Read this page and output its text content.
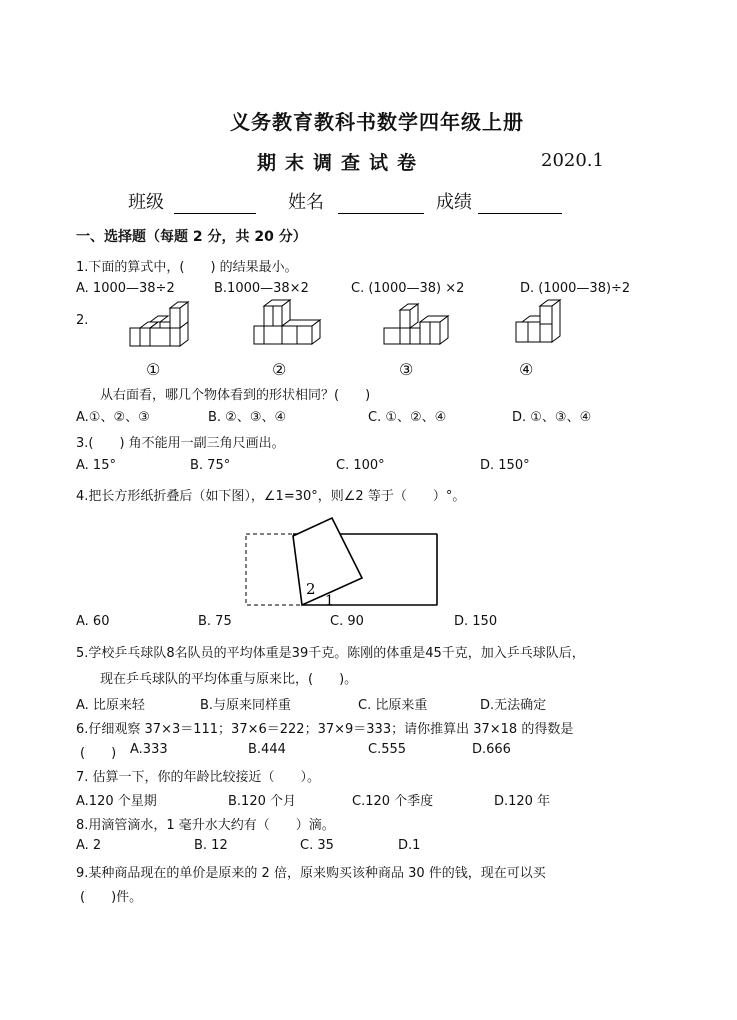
义务教育教科书数学四年级上册
期末调查试卷	2020.1
班级	姓名	成绩
一、选择题（每题 2 分，共 20 分）
1.下面的算式中，(　　) 的结果最小。
A. 1000—38÷2	B.1000—38×2	C. (1000—38) ×2	D. (1000—38)÷2
2.
①	②	③	④
从右面看，哪几个物体看到的形状相同？(　　)
A.①、②、③	B. ②、③、④	C. ①、②、④	D. ①、③、④
3.(　　) 角不能用一副三角尺画出。
A. 15°	B. 75°	C. 100°	D. 150°
4.把长方形纸折叠后（如下图），∠1=30°，则∠2 等于（　　）°。
2
1
A. 60	B. 75	C. 90	D. 150
5.学校乒乓球队8名队员的平均体重是39千克。陈刚的体重是45千克，加入乒乓球队后，
现在乒乓球队的平均体重与原来比，(　　)。
A. 比原来轻	B.与原来同样重	C. 比原来重	D.无法确定
6.仔细观察 37×3＝111；37×6＝222；37×9＝333；请你推算出 37×18 的得数是
(　　) A.333	B.444	C.555	D.666
7. 估算一下，你的年龄比较接近（　　）。
A.120 个星期	B.120 个月	C.120 个季度	D.120 年
8.用滴管滴水，1 毫升水大约有（　　）滴。
A. 2	B. 12	C. 35	D.1
9.某种商品现在的单价是原来的 2 倍，原来购买该种商品 30 件的钱，现在可以买
(　　)件。
